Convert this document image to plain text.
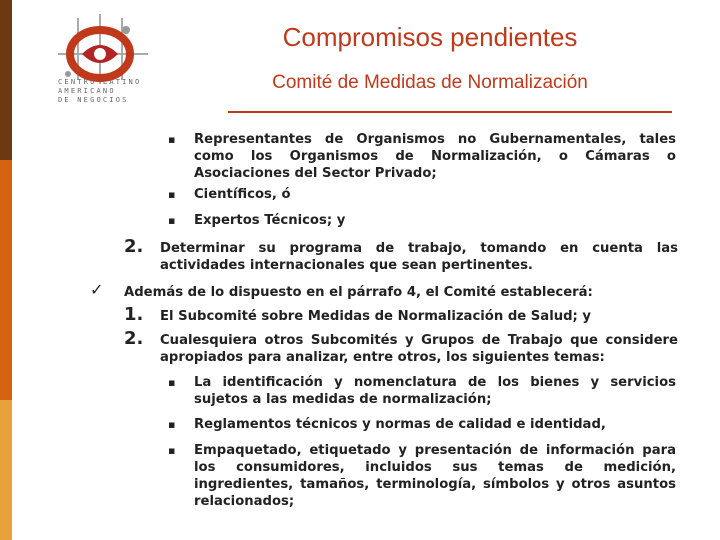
CENTRO LATINO
AMERICANO
DE NEGOCIOS
Compromisos pendientes
Comité de Medidas de Normalización
▪ Representantes de Organismos no Gubernamentales, tales como los Organismos de Normalización, o Cámaras o Asociaciones del Sector Privado;
▪ Científicos, ó
▪ Expertos Técnicos; y
2. Determinar su programa de trabajo, tomando en cuenta las actividades internacionales que sean pertinentes.
✓ Además de lo dispuesto en el párrafo 4, el Comité establecerá:
1. El Subcomité sobre Medidas de Normalización de Salud; y
2. Cualesquiera otros Subcomités y Grupos de Trabajo que considere apropiados para analizar, entre otros, los siguientes temas:
▪ La identificación y nomenclatura de los bienes y servicios sujetos a las medidas de normalización;
▪ Reglamentos técnicos y normas de calidad e identidad,
▪ Empaquetado, etiquetado y presentación de información para los consumidores, incluidos sus temas de medición, ingredientes, tamaños, terminología, símbolos y otros asuntos relacionados;
